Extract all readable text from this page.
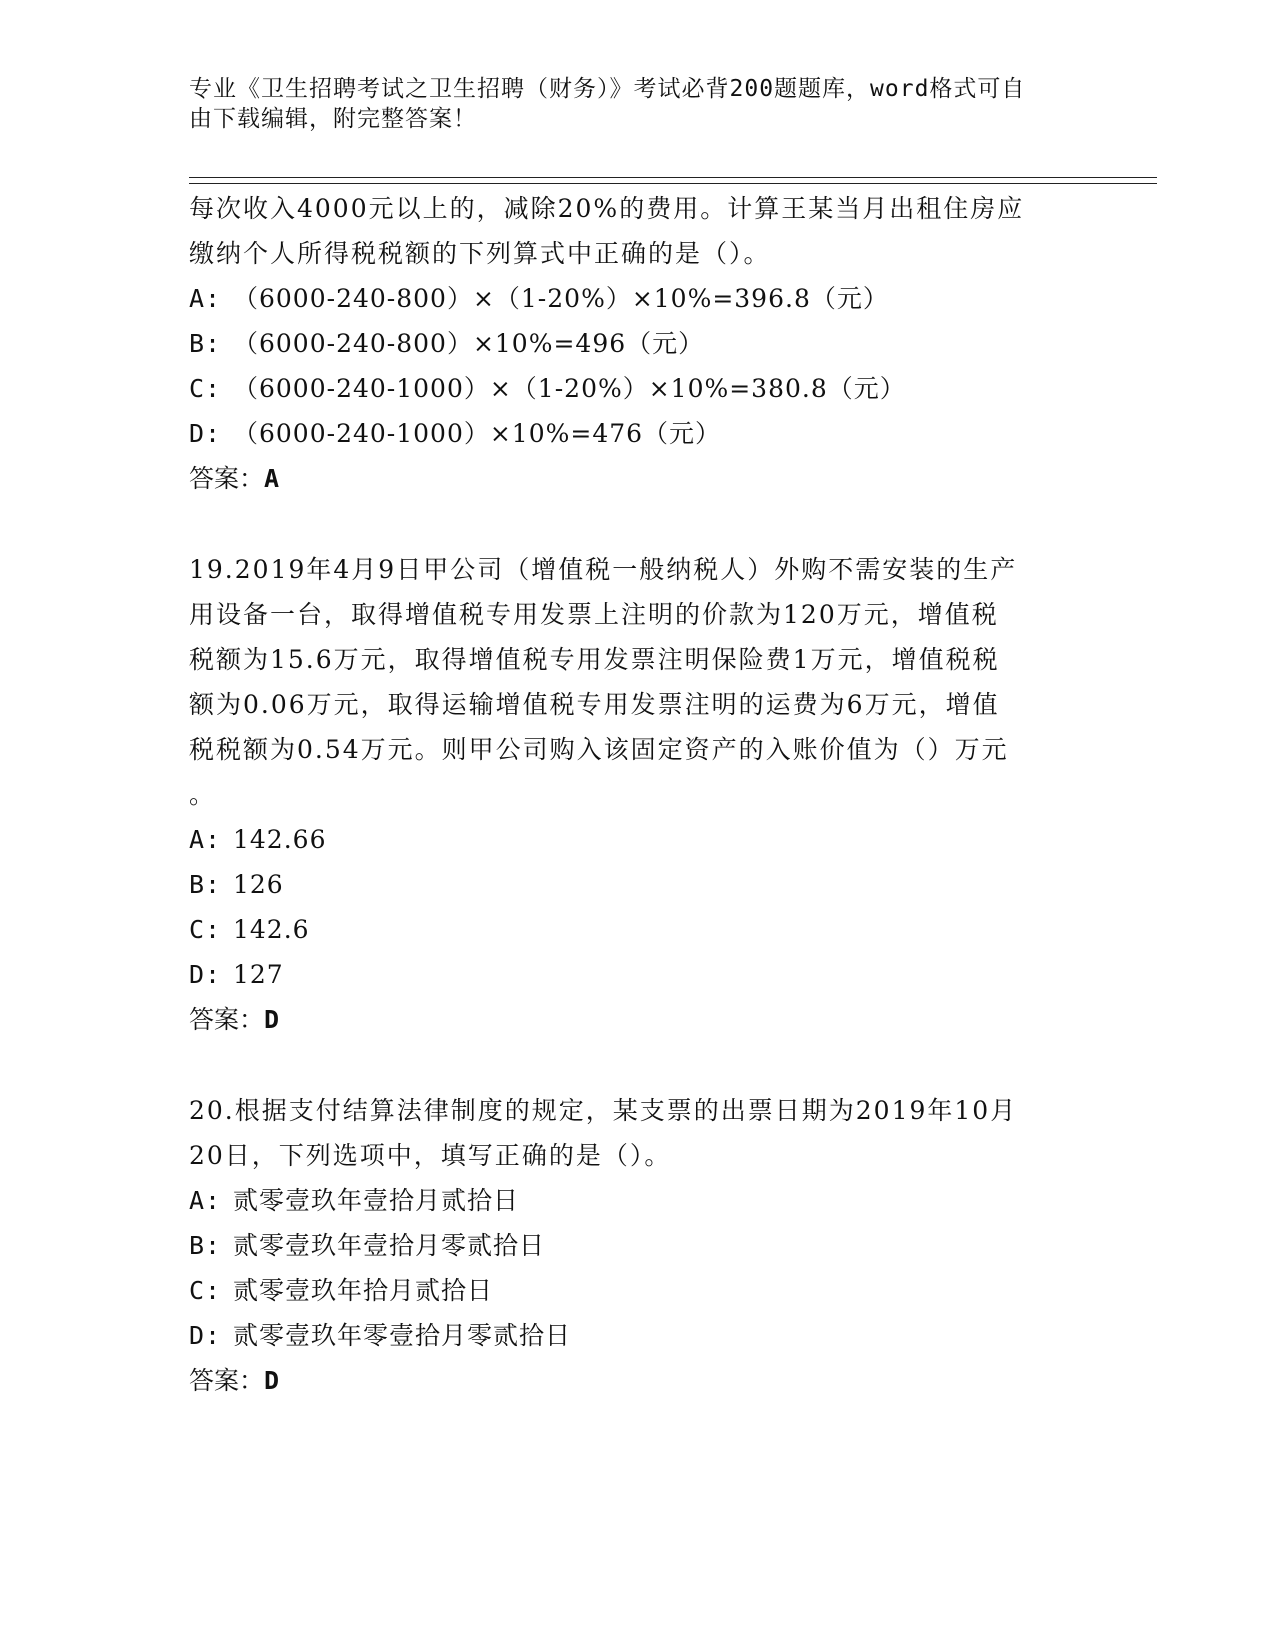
专业《卫生招聘考试之卫生招聘（财务）》考试必背200题题库，word格式可自
由下载编辑，附完整答案！

每次收入4000元以上的，减除20%的费用。计算王某当月出租住房应

缴纳个人所得税税额的下列算式中正确的是（）。

A: （6000-240-800）×（1-20%）×10%=396.8（元）

B: （6000-240-800）×10%=496（元）

C: （6000-240-1000）×（1-20%）×10%=380.8（元）

D: （6000-240-1000）×10%=476（元）

答案：A

19.2019年4月9日甲公司（增值税一般纳税人）外购不需安装的生产

用设备一台，取得增值税专用发票上注明的价款为120万元，增值税

税额为15.6万元，取得增值税专用发票注明保险费1万元，增值税税

额为0.06万元，取得运输增值税专用发票注明的运费为6万元，增值

税税额为0.54万元。则甲公司购入该固定资产的入账价值为（）万元

。

A: 142.66

B: 126

C: 142.6

D: 127

答案：D

20.根据支付结算法律制度的规定，某支票的出票日期为2019年10月

20日，下列选项中，填写正确的是（）。

A: 贰零壹玖年壹拾月贰拾日

B: 贰零壹玖年壹拾月零贰拾日

C: 贰零壹玖年拾月贰拾日

D: 贰零壹玖年零壹拾月零贰拾日

答案：D
